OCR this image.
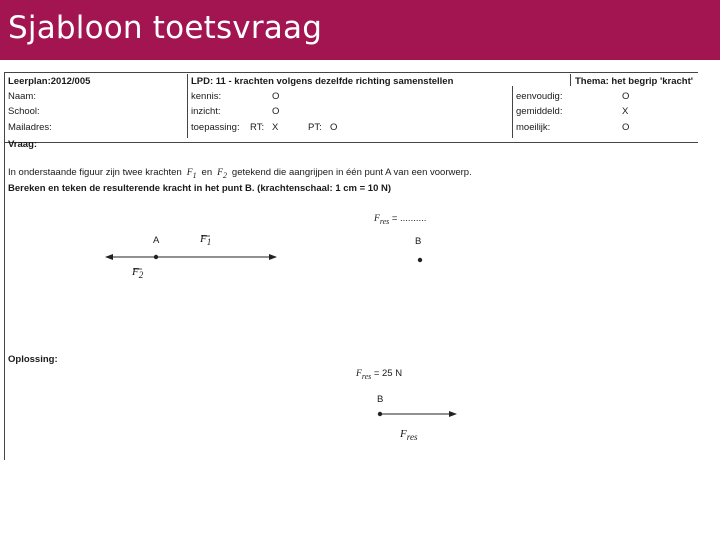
Sjabloon toetsvraag
Leerplan:2012/005	LPD: 11 - krachten volgens dezelfde richting samenstellen	Thema: het begrip 'kracht'
Naam:	kennis:	O	eenvoudig:	O
School:	inzicht:	O	gemiddeld:	X
Mailadres:	toepassing: RT: X	PT: O	moeilijk:	O
Vraag:
In onderstaande figuur zijn twee krachten $F_1$ en $F_2$ getekend die aangrijpen in één punt A van een voorwerp.
Bereken en teken de resulterende kracht in het punt B. (krachtenschaal: 1 cm = 10 N)
$F_{res}$ = ..........
A	$F_1$
$F_2$
B
Oplossing:
$F_{res} = 25$ N
B
$F_{res}$
